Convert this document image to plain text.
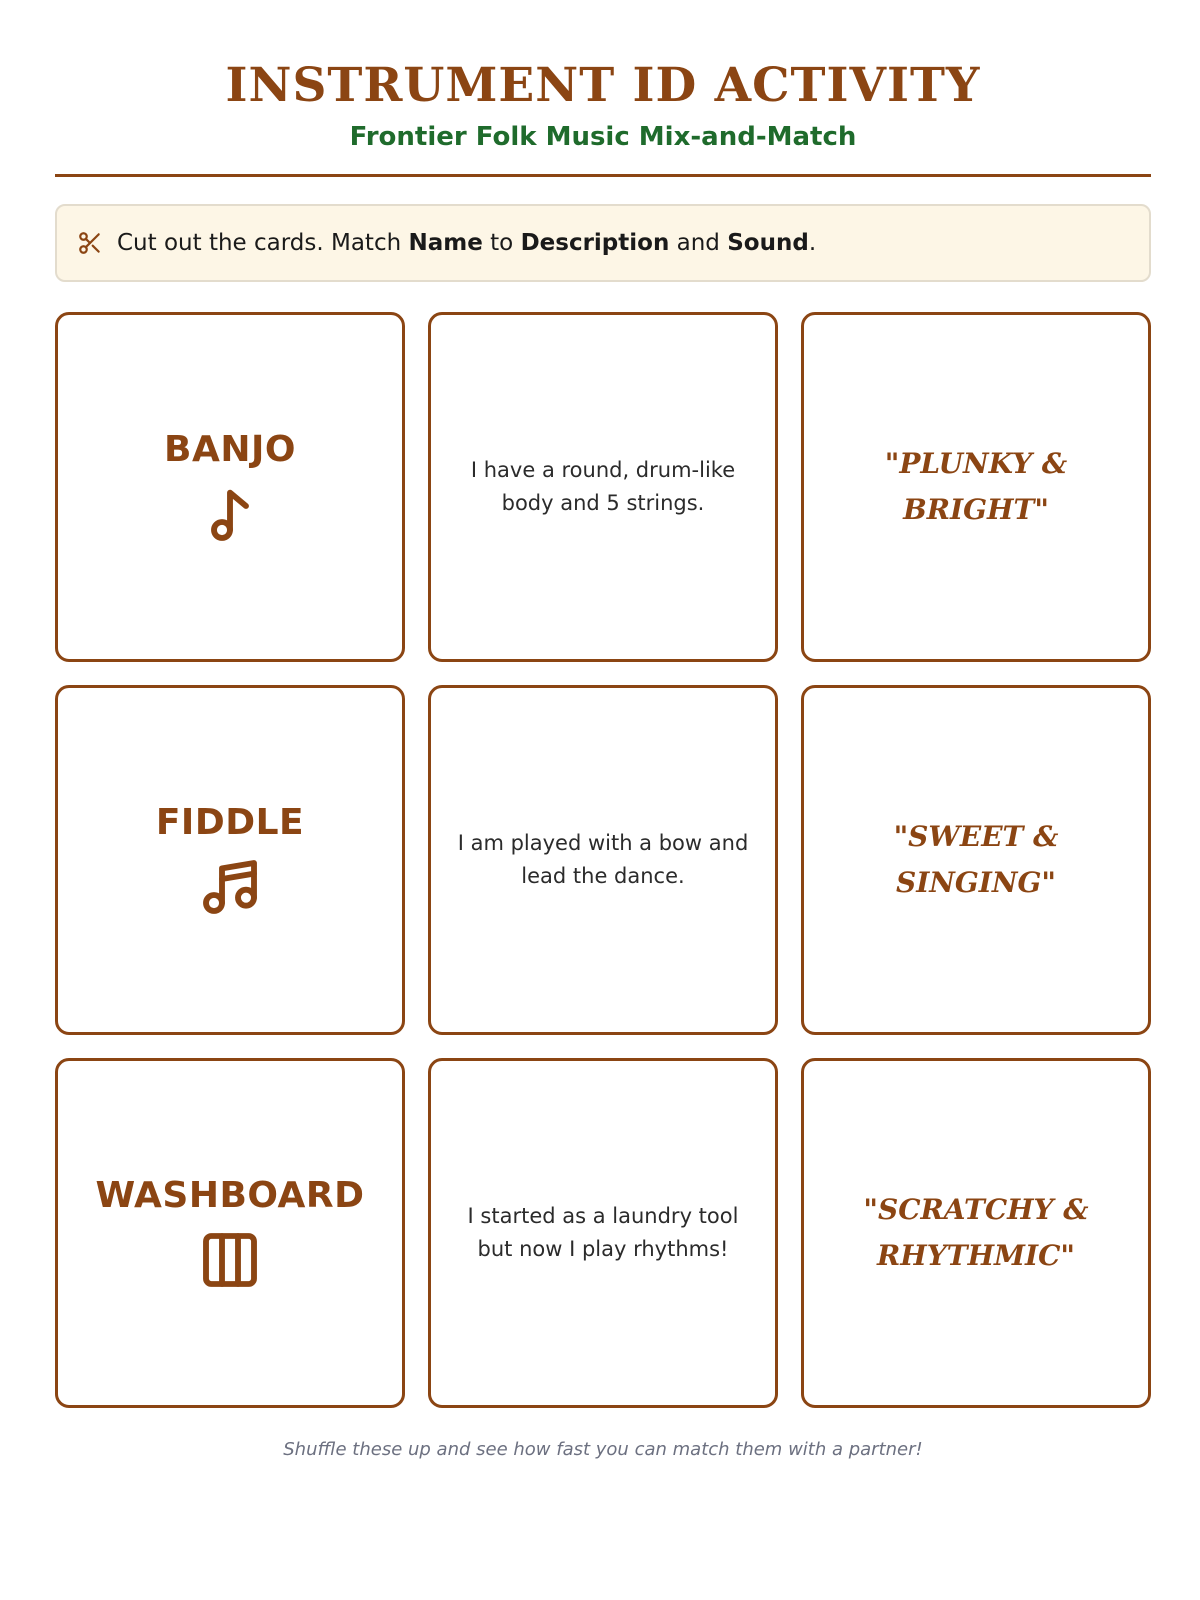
INSTRUMENT ID ACTIVITY
Frontier Folk Music Mix-and-Match
Cut out the cards. Match Name to Description and Sound.
BANJO
I have a round, drum-like body and 5 strings.
"PLUNKY & BRIGHT"
FIDDLE
I am played with a bow and lead the dance.
"SWEET & SINGING"
WASHBOARD
I started as a laundry tool but now I play rhythms!
"SCRATCHY & RHYTHMIC"
Shuffle these up and see how fast you can match them with a partner!
